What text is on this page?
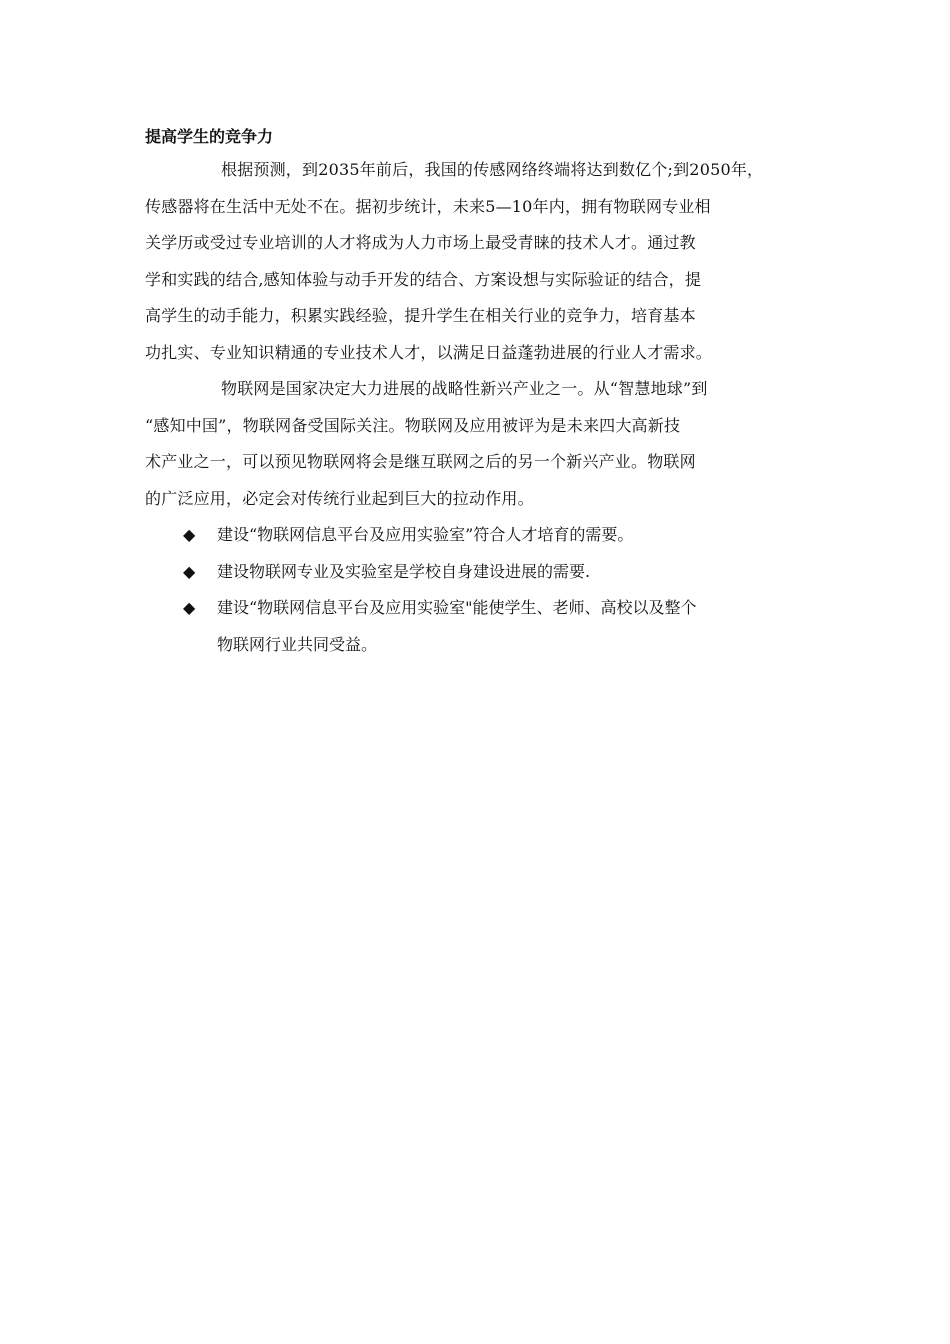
提高学生的竞争力
根据预测，到2035年前后，我国的传感网络终端将达到数亿个;到2050年，
传感器将在生活中无处不在。据初步统计，未来5—10年内，拥有物联网专业相
关学历或受过专业培训的人才将成为人力市场上最受青睐的技术人才。通过教
学和实践的结合,感知体验与动手开发的结合、方案设想与实际验证的结合，提
高学生的动手能力，积累实践经验，提升学生在相关行业的竞争力，培育基本
功扎实、专业知识精通的专业技术人才，以满足日益蓬勃进展的行业人才需求。
物联网是国家决定大力进展的战略性新兴产业之一。从“智慧地球”到
“感知中国”，物联网备受国际关注。物联网及应用被评为是未来四大高新技
术产业之一，可以预见物联网将会是继互联网之后的另一个新兴产业。物联网
的广泛应用，必定会对传统行业起到巨大的拉动作用。
◆ 建设“物联网信息平台及应用实验室”符合人才培育的需要。
◆ 建设物联网专业及实验室是学校自身建设进展的需要.
◆ 建设“物联网信息平台及应用实验室"能使学生、老师、高校以及整个
物联网行业共同受益。
